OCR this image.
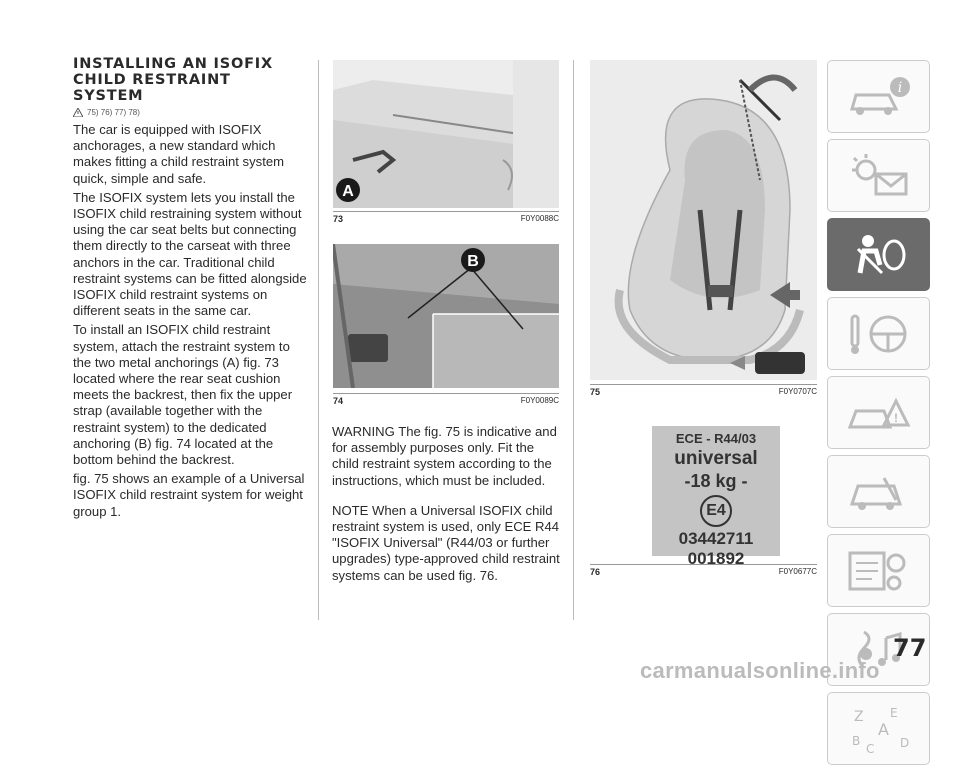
INSTALLING AN ISOFIX CHILD RESTRAINT SYSTEM
75) 76) 77) 78)

The car is equipped with ISOFIX anchorages, a new standard which makes fitting a child restraint system quick, simple and safe.

The ISOFIX system lets you install the ISOFIX child restraining system without using the car seat belts but connecting them directly to the carseat with three anchors in the car. Traditional child restraint systems can be fitted alongside ISOFIX child restraint systems on different seats in the same car.

To install an ISOFIX child restraint system, attach the restraint system to the two metal anchorings (A) fig. 73 located where the rear seat cushion meets the backrest, then fix the upper strap (available together with the restraint system) to the dedicated anchoring (B) fig. 74 located at the bottom behind the backrest.

fig. 75 shows an example of a Universal ISOFIX child restraint system for weight group 1.

A
73	F0Y0088C
B
74	F0Y0089C

WARNING The fig. 75 is indicative and for assembly purposes only. Fit the child restraint system according to the instructions, which must be included.

NOTE When a Universal ISOFIX child restraint system is used, only ECE R44 "ISOFIX Universal" (R44/03 or further upgrades) type-approved child restraint systems can be used fig. 76.

75	F0Y0707C
ECE - R44/03
universal
-18 kg -
E4
03442711
001892
76	F0Y0677C
i
!
Z E
A
B
C D
77
carmanualsonline.info
